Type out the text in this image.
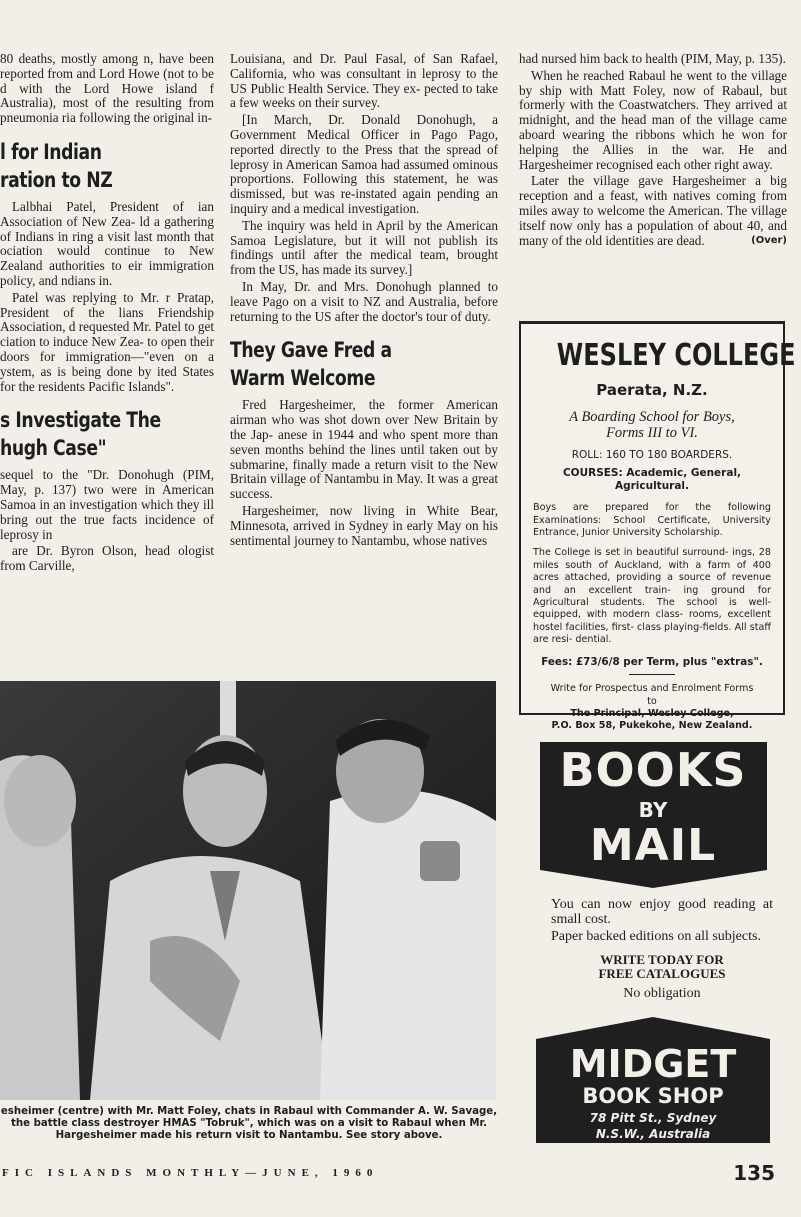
80 deaths, mostly among n, have been reported from and Lord Howe (not to be d with the Lord Howe island f Australia), most of the resulting from pneumonia ria following the original in-

l for Indian
ration to NZ

Lalbhai Patel, President of ian Association of New Zea- ld a gathering of Indians in ring a visit last month that ociation would continue to New Zealand authorities to eir immigration policy, and ndians in.

Patel was replying to Mr. r Pratap, President of the lians Friendship Association, d requested Mr. Patel to get ciation to induce New Zea- to open their doors for immigration—"even on a ystem, as is being done by ited States for the residents Pacific Islands".

s Investigate The
hugh Case"

sequel to the "Dr. Donohugh (PIM, May, p. 137) two were in American Samoa in an investigation which they ill bring out the true facts incidence of leprosy in

are Dr. Byron Olson, head ologist from Carville,

Louisiana, and Dr. Paul Fasal, of San Rafael, California, who was consultant in leprosy to the US Public Health Service. They ex- pected to take a few weeks on their survey.

[In March, Dr. Donald Donohugh, a Government Medical Officer in Pago Pago, reported directly to the Press that the spread of leprosy in American Samoa had assumed ominous proportions. Following this statement, he was dismissed, but was re-instated again pending an inquiry and a medical investigation.

The inquiry was held in April by the American Samoa Legislature, but it will not publish its findings until after the medical team, brought from the US, has made its survey.]

In May, Dr. and Mrs. Donohugh planned to leave Pago on a visit to NZ and Australia, before returning to the US after the doctor's tour of duty.

They Gave Fred a
Warm Welcome

Fred Hargesheimer, the former American airman who was shot down over New Britain by the Jap- anese in 1944 and who spent more than seven months behind the lines until taken out by submarine, finally made a return visit to the New Britain village of Nantambu in May. It was a great success.

Hargesheimer, now living in White Bear, Minnesota, arrived in Sydney in early May on his sentimental journey to Nantambu, whose natives

had nursed him back to health (PIM, May, p. 135).

When he reached Rabaul he went to the village by ship with Matt Foley, now of Rabaul, but formerly with the Coastwatchers. They arrived at midnight, and the head man of the village came aboard wearing the ribbons which he won for helping the Allies in the war. He and Hargesheimer recognised each other right away.

Later the village gave Hargesheimer a big reception and a feast, with natives coming from miles away to welcome the American. The village itself now only has a population of about 40, and many of the old identities are dead.	(Over)

WESLEY COLLEGE
Paerata, N.Z.
A Boarding School for Boys,
Forms III to VI.
ROLL: 160 TO 180 BOARDERS.
COURSES: Academic, General, Agricultural.
Boys are prepared for the following Examinations: School Certificate, University Entrance, Junior University Scholarship.
The College is set in beautiful surround- ings, 28 miles south of Auckland, with a farm of 400 acres attached, providing a source of revenue and an excellent train- ing ground for Agricultural students. The school is well-equipped, with modern class- rooms, excellent hostel facilities, first- class playing-fields. All staff are resi- dential.
Fees: £73/6/8 per Term, plus "extras".
Write for Prospectus and Enrolment Forms
to
The Principal, Wesley College,
P.O. Box 58, Pukekohe, New Zealand.
BOOKS
BY
MAIL

You can now enjoy good reading at small cost.

Paper backed editions on all subjects.

WRITE TODAY FOR
FREE CATALOGUES
No obligation
MIDGET
BOOK SHOP
78 Pitt St., Sydney
N.S.W., Australia
esheimer (centre) with Mr. Matt Foley, chats in Rabaul with Commander A. W. Savage,
the battle class destroyer HMAS "Tobruk", which was on a visit to Rabaul when Mr.
Hargesheimer made his return visit to Nantambu. See story above.
FIC ISLANDS MONTHLY—JUNE, 1960	135
